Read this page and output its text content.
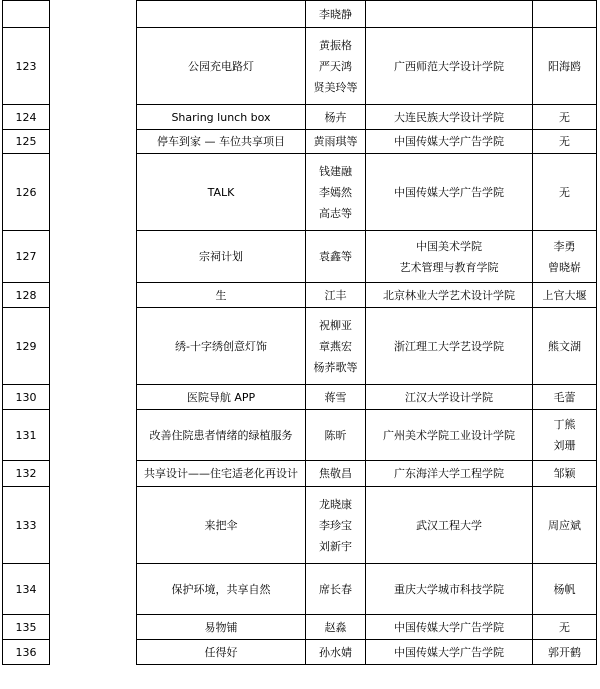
			李晓静		

123		公园充电路灯	黄振格
严天鸿
贤美玲等	广西师范大学设计学院	阳海鸥

124		Sharing lunch box	杨卉	大连民族大学设计学院	无

125		停车到家 — 车位共享项目	黄雨琪等	中国传媒大学广告学院	无

126		TALK	钱建融
李嫣然
高志等	中国传媒大学广告学院	无

127		宗祠计划	袁鑫等	中国美术学院
艺术管理与教育学院	李勇
曾晓崭

128		生	江丰	北京林业大学艺术设计学院	上官大堰

129		绣-十字绣创意灯饰	祝柳亚
章燕宏
杨荞歌等	浙江理工大学艺设学院	熊文湖

130		医院导航 APP	蒋雪	江汉大学设计学院	毛蕾

131		改善住院患者情绪的绿植服务	陈昕	广州美术学院工业设计学院	丁熊
刘珊

132		共享设计——住宅适老化再设计	焦敬昌	广东海洋大学工程学院	邹颖

133		来把伞	龙晓康
李珍宝
刘新宇	武汉工程大学	周应斌

134		保护环境，共享自然	席长春	重庆大学城市科技学院	杨帆

135		易物铺	赵淼	中国传媒大学广告学院	无

136		任得好	孙水婧	中国传媒大学广告学院	郭开鹤
